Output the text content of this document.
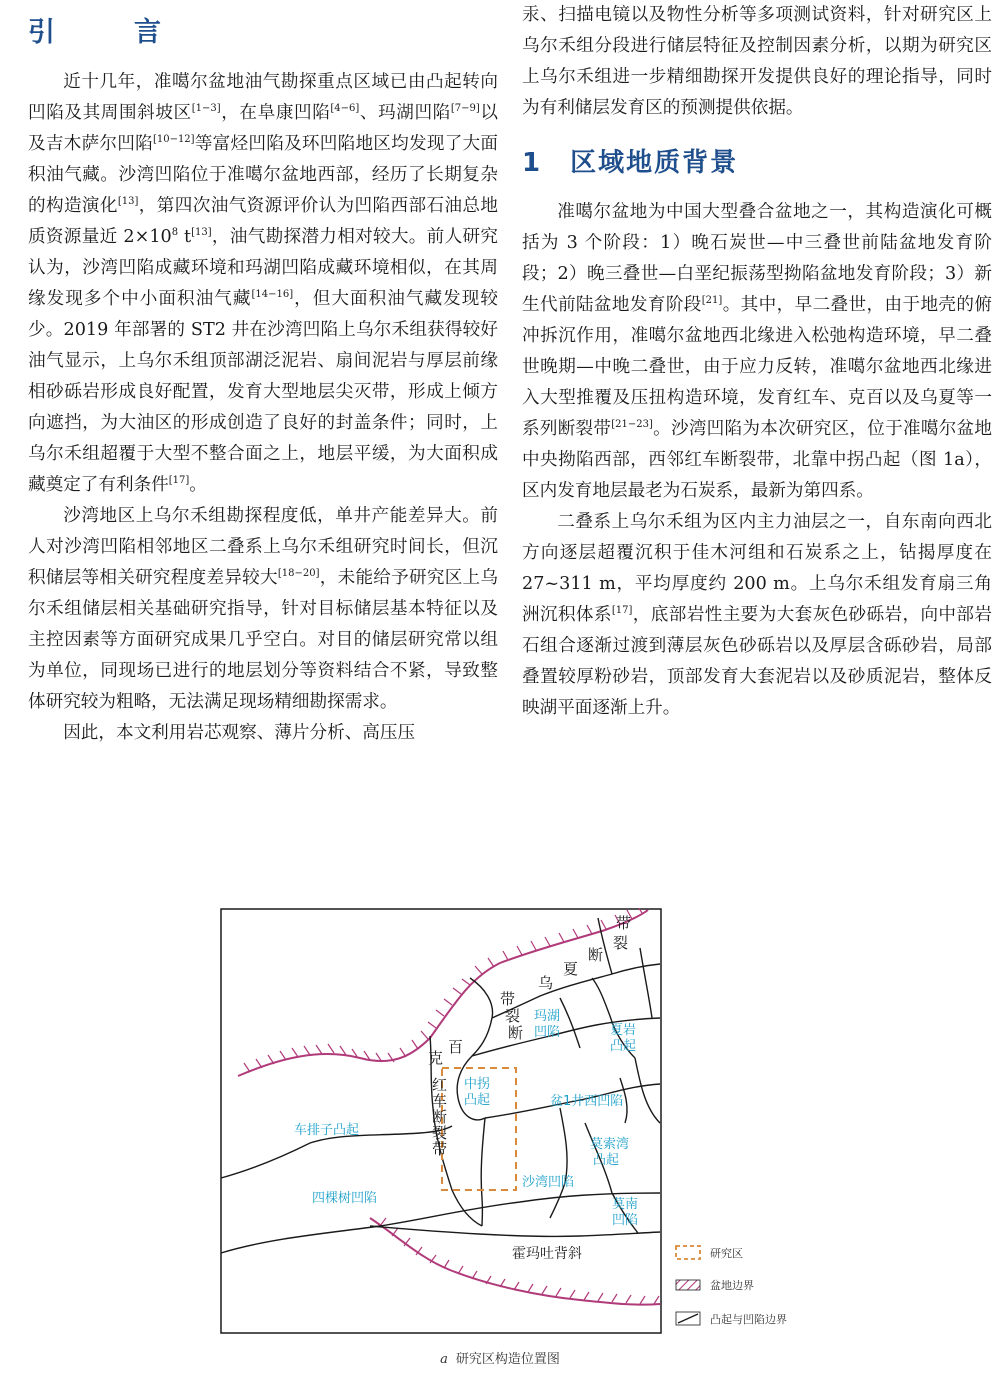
引　言

近十几年，准噶尔盆地油气勘探重点区域已由凸起转向凹陷及其周围斜坡区[1−3]，在阜康凹陷[4−6]、玛湖凹陷[7−9]以及吉木萨尔凹陷[10−12]等富烃凹陷及环凹陷地区均发现了大面积油气藏。沙湾凹陷位于准噶尔盆地西部，经历了长期复杂的构造演化[13]，第四次油气资源评价认为凹陷西部石油总地质资源量近 $2\times 10^8$ t[13]，油气勘探潜力相对较大。前人研究认为，沙湾凹陷成藏环境和玛湖凹陷成藏环境相似，在其周缘发现多个中小面积油气藏[14−16]，但大面积油气藏发现较少。2019 年部署的 ST2 井在沙湾凹陷上乌尔禾组获得较好油气显示，上乌尔禾组顶部湖泛泥岩、扇间泥岩与厚层前缘相砂砾岩形成良好配置，发育大型地层尖灭带，形成上倾方向遮挡，为大油区的形成创造了良好的封盖条件；同时，上乌尔禾组超覆于大型不整合面之上，地层平缓，为大面积成藏奠定了有利条件[17]。

沙湾地区上乌尔禾组勘探程度低，单井产能差异大。前人对沙湾凹陷相邻地区二叠系上乌尔禾组研究时间长，但沉积储层等相关研究程度差异较大[18−20]，未能给予研究区上乌尔禾组储层相关基础研究指导，针对目标储层基本特征以及主控因素等方面研究成果几乎空白。对目的储层研究常以组为单位，同现场已进行的地层划分等资料结合不紧，导致整体研究较为粗略，无法满足现场精细勘探需求。

因此，本文利用岩芯观察、薄片分析、高压压

汞、扫描电镜以及物性分析等多项测试资料，针对研究区上乌尔禾组分段进行储层特征及控制因素分析，以期为研究区上乌尔禾组进一步精细勘探开发提供良好的理论指导，同时为有利储层发育区的预测提供依据。

1　区域地质背景

准噶尔盆地为中国大型叠合盆地之一，其构造演化可概括为 3 个阶段：1）晚石炭世—中三叠世前陆盆地发育阶段；2）晚三叠世—白垩纪振荡型拗陷盆地发育阶段；3）新生代前陆盆地发育阶段[21]。其中，早二叠世，由于地壳的俯冲拆沉作用，准噶尔盆地西北缘进入松弛构造环境，早二叠世晚期—中晚二叠世，由于应力反转，准噶尔盆地西北缘进入大型推覆及压扭构造环境，发育红车、克百以及乌夏等一系列断裂带[21−23]。沙湾凹陷为本次研究区，位于准噶尔盆地中央拗陷西部，西邻红车断裂带，北靠中拐凸起（图 1a），区内发育地层最老为石炭系，最新为第四系。

二叠系上乌尔禾组为区内主力油层之一，自东南向西北方向逐层超覆沉积于佳木河组和石炭系之上，钻揭厚度在 27~311 m，平均厚度约 200 m。上乌尔禾组发育扇三角洲沉积体系[17]，底部岩性主要为大套灰色砂砾岩，向中部岩石组合逐渐过渡到薄层灰色砂砾岩以及厚层含砾砂岩，局部叠置较厚粉砂岩，顶部发育大套泥岩以及砂质泥岩，整体反映湖平面逐渐上升。

乌
夏
断
裂
带
带
裂
断
百
克
红
车
断
裂
带
霍玛吐背斜
玛湖
凹陷	夏岩
凸起
中拐
凸起	盆1井西凹陷
车排子凸起
莫索湾
凸起
沙湾凹陷
四棵树凹陷	莫南
凹陷
研究区
盆地边界
凸起与凹陷边界
a 研究区构造位置图
